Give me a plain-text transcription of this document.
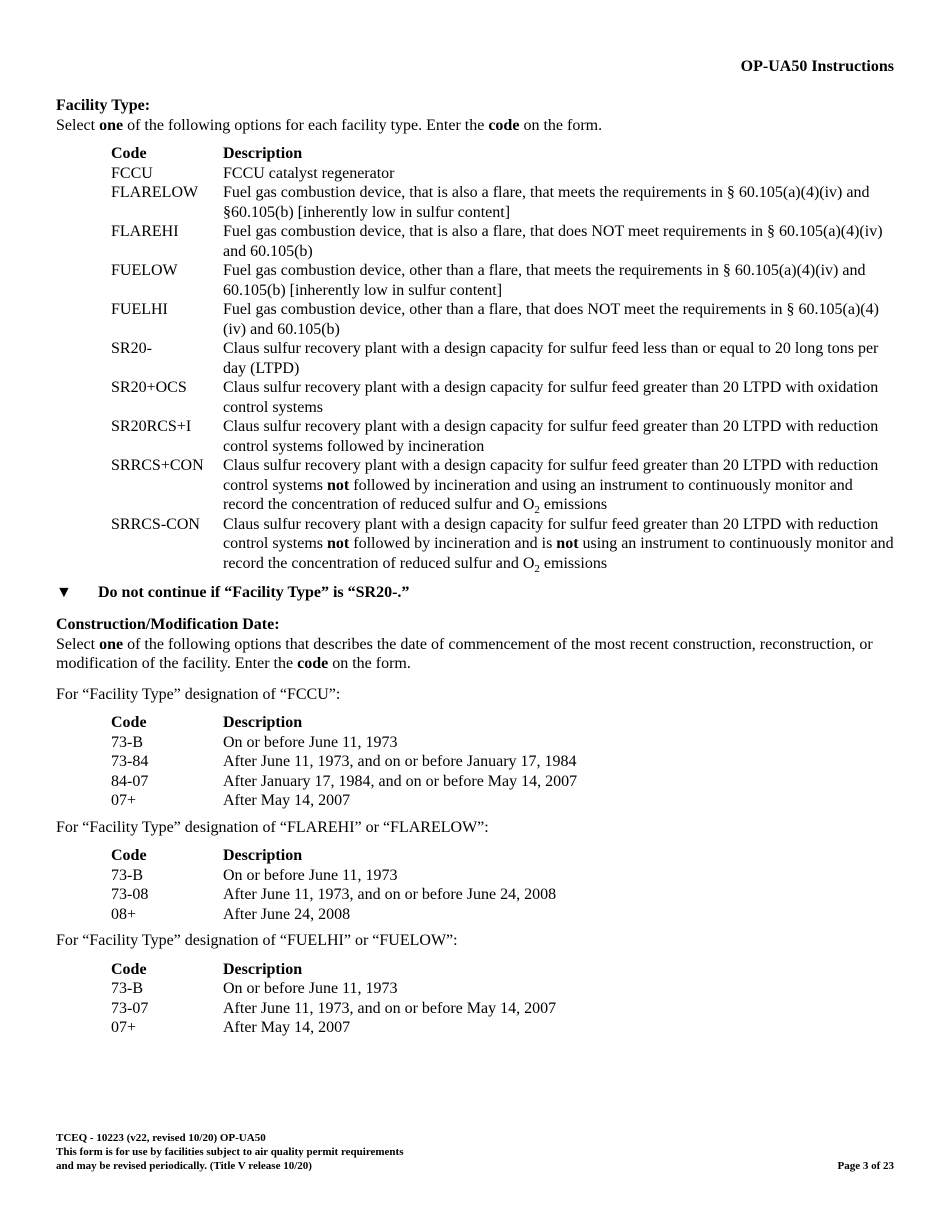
OP-UA50 Instructions

Facility Type:

Select one of the following options for each facility type. Enter the code on the form.

Code	Description
FCCU	FCCU catalyst regenerator
FLARELOW	Fuel gas combustion device, that is also a flare, that meets the requirements in § 60.105(a)(4)(iv) and §60.105(b) [inherently low in sulfur content]
FLAREHI	Fuel gas combustion device, that is also a flare, that does NOT meet requirements in § 60.105(a)(4)(iv) and 60.105(b)
FUELOW	Fuel gas combustion device, other than a flare, that meets the requirements in § 60.105(a)(4)(iv) and 60.105(b) [inherently low in sulfur content]
FUELHI	Fuel gas combustion device, other than a flare, that does NOT meet the requirements in § 60.105(a)(4)(iv) and 60.105(b)
SR20-	Claus sulfur recovery plant with a design capacity for sulfur feed less than or equal to 20 long tons per day (LTPD)
SR20+OCS	Claus sulfur recovery plant with a design capacity for sulfur feed greater than 20 LTPD with oxidation control systems
SR20RCS+I	Claus sulfur recovery plant with a design capacity for sulfur feed greater than 20 LTPD with reduction control systems followed by incineration
SRRCS+CON	Claus sulfur recovery plant with a design capacity for sulfur feed greater than 20 LTPD with reduction control systems not followed by incineration and using an instrument to continuously monitor and record the concentration of reduced sulfur and $O_2$ emissions
SRRCS-CON	Claus sulfur recovery plant with a design capacity for sulfur feed greater than 20 LTPD with reduction control systems not followed by incineration and is not using an instrument to continuously monitor and record the concentration of reduced sulfur and $O_2$ emissions
▼	Do not continue if “Facility Type” is “SR20-.”

Construction/Modification Date:

Select one of the following options that describes the date of commencement of the most recent construction, reconstruction, or modification of the facility. Enter the code on the form.

For “Facility Type” designation of “FCCU”:

Code	Description
73-B	On or before June 11, 1973
73-84	After June 11, 1973, and on or before January 17, 1984
84-07	After January 17, 1984, and on or before May 14, 2007
07+	After May 14, 2007

For “Facility Type” designation of “FLAREHI” or “FLARELOW”:

Code	Description
73-B	On or before June 11, 1973
73-08	After June 11, 1973, and on or before June 24, 2008
08+	After June 24, 2008

For “Facility Type” designation of “FUELHI” or “FUELOW”:

Code	Description
73-B	On or before June 11, 1973
73-07	After June 11, 1973, and on or before May 14, 2007
07+	After May 14, 2007
TCEQ - 10223 (v22, revised 10/20) OP-UA50
This form is for use by facilities subject to air quality permit requirements
and may be revised periodically. (Title V release 10/20)	Page 3 of 23
